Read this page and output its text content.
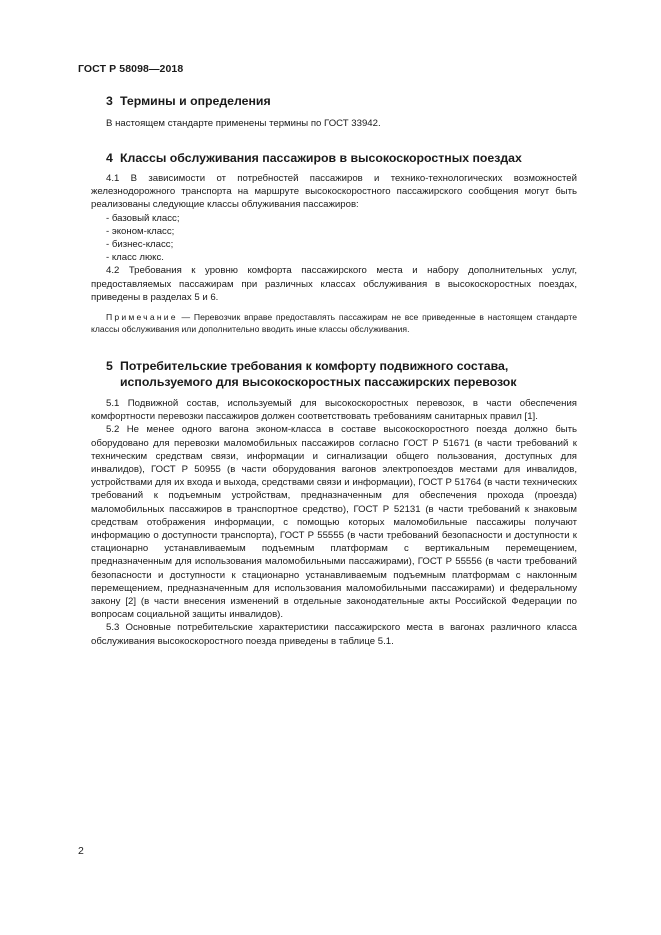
ГОСТ Р 58098—2018
3 Термины и определения

В настоящем стандарте применены термины по ГОСТ 33942.

4 Классы обслуживания пассажиров в высокоскоростных поездах

4.1 В зависимости от потребностей пассажиров и технико-технологических возможностей железнодорожного транспорта на маршруте высокоскоростного пассажирского сообщения могут быть реализованы следующие классы облуживания пассажиров:

- базовый класс;

- эконом-класс;

- бизнес-класс;

- класс люкс.

4.2 Требования к уровню комфорта пассажирского места и набору дополнительных услуг, предоставляемых пассажирам при различных классах обслуживания в высокоскоростных поездах, приведены в разделах 5 и 6.

Примечание — Перевозчик вправе предоставлять пассажирам не все приведенные в настоящем стандарте классы обслуживания или дополнительно вводить иные классы обслуживания.

5 Потребительские требования к комфорту подвижного состава,
используемого для высокоскоростных пассажирских перевозок

5.1 Подвижной состав, используемый для высокоскоростных перевозок, в части обеспечения комфортности перевозки пассажиров должен соответствовать требованиям санитарных правил [1].

5.2 Не менее одного вагона эконом-класса в составе высокоскоростного поезда должно быть оборудовано для перевозки маломобильных пассажиров согласно ГОСТ Р 51671 (в части требований к техническим средствам связи, информации и сигнализации общего пользования, доступных для инвалидов), ГОСТ Р 50955 (в части оборудования вагонов электропоездов местами для инвалидов, устройствами для их входа и выхода, средствами связи и информации), ГОСТ Р 51764 (в части технических требований к подъемным устройствам, предназначенным для обеспечения прохода (проезда) маломобильных пассажиров в транспортное средство), ГОСТ Р 52131 (в части требований к знаковым средствам отображения информации, с помощью которых маломобильные пассажиры получают информацию о доступности транспорта), ГОСТ Р 55555 (в части требований безопасности и доступности к стационарно устанавливаемым подъемным платформам с вертикальным перемещением, предназначенным для использования маломобильными пассажирами), ГОСТ Р 55556 (в части требований безопасности и доступности к стационарно устанавливаемым подъемным платформам с наклонным перемещением, предназначенным для использования маломобильными пассажирами) и федеральному закону [2] (в части внесения изменений в отдельные законодательные акты Российской Федерации по вопросам социальной защиты инвалидов).

5.3 Основные потребительские характеристики пассажирского места в вагонах различного класса обслуживания высокоскоростного поезда приведены в таблице 5.1.

2
